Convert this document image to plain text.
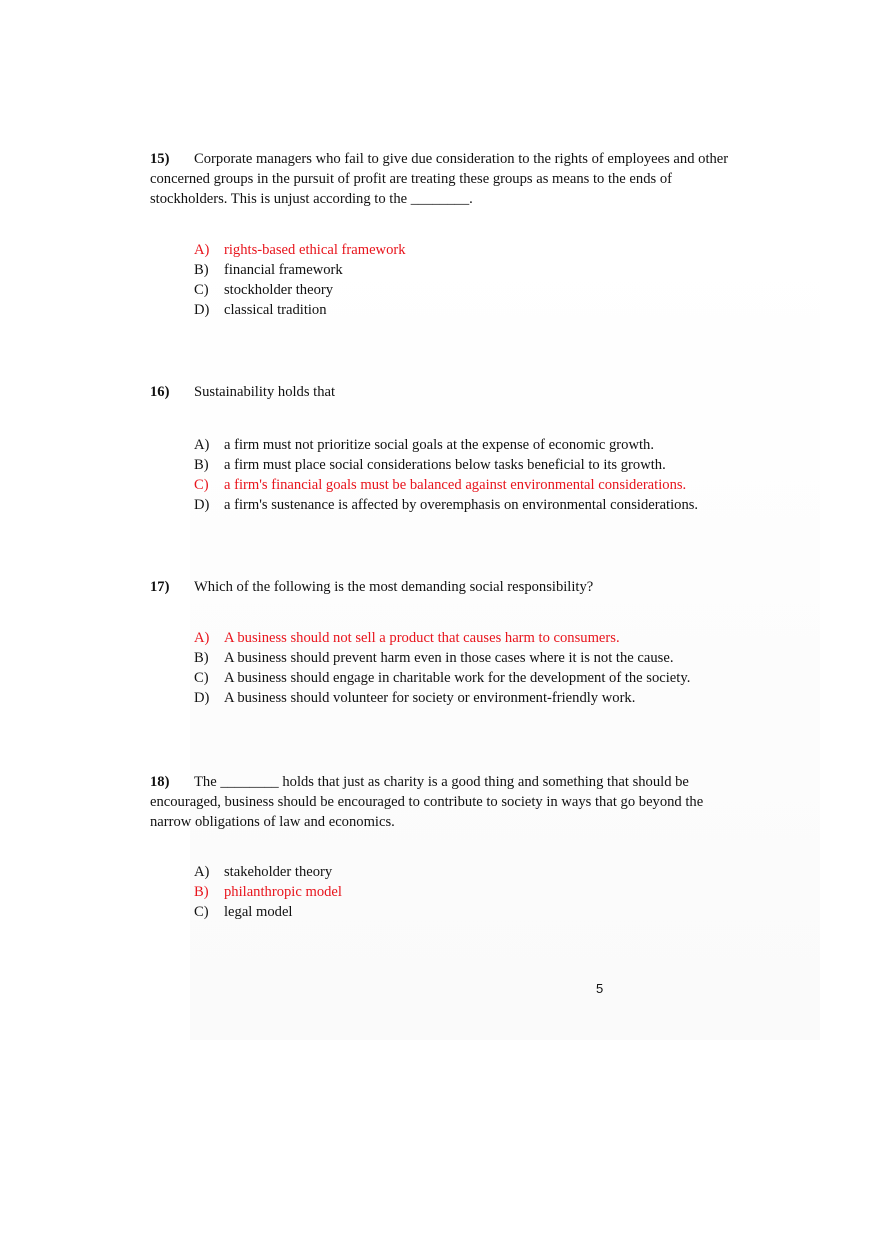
15) Corporate managers who fail to give due consideration to the rights of employees and other concerned groups in the pursuit of profit are treating these groups as means to the ends of stockholders. This is unjust according to the ________.
A) rights-based ethical framework
B) financial framework
C) stockholder theory
D) classical tradition
16) Sustainability holds that
A) a firm must not prioritize social goals at the expense of economic growth.
B) a firm must place social considerations below tasks beneficial to its growth.
C) a firm's financial goals must be balanced against environmental considerations.
D) a firm's sustenance is affected by overemphasis on environmental considerations.
17) Which of the following is the most demanding social responsibility?
A) A business should not sell a product that causes harm to consumers.
B) A business should prevent harm even in those cases where it is not the cause.
C) A business should engage in charitable work for the development of the society.
D) A business should volunteer for society or environment-friendly work.
18) The ________ holds that just as charity is a good thing and something that should be encouraged, business should be encouraged to contribute to society in ways that go beyond the narrow obligations of law and economics.
A) stakeholder theory
B) philanthropic model
C) legal model
5
